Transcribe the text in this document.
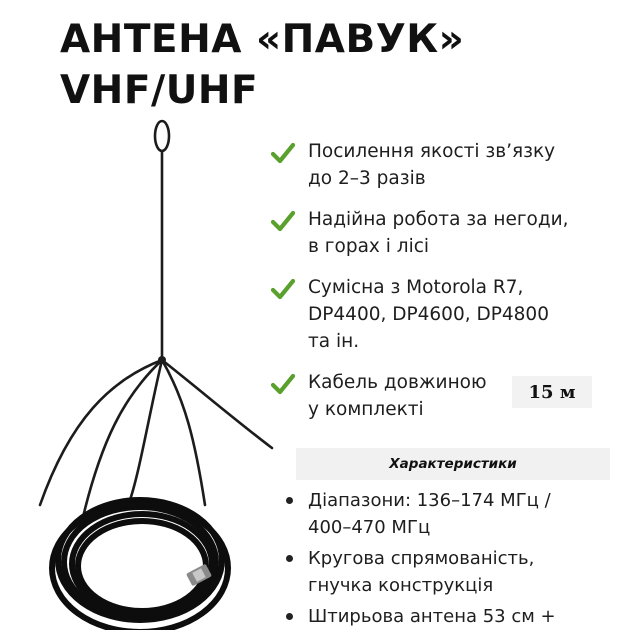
АНТЕНА «ПАВУК»
VHF/UHF
Посилення якості зв’язку
до 2–3 разів
Надійна робота за негоди,
в горах і лісі
Сумісна з Motorola R7,
DP4400, DP4600, DP4800
та ін.
Кабель довжиною
у комплекті
15 м
Характеристики
Діапазони: 136–174 МГц /
400–470 МГц
Кругова спрямованість,
гнучка конструкція
Штирьова антена 53 см +
